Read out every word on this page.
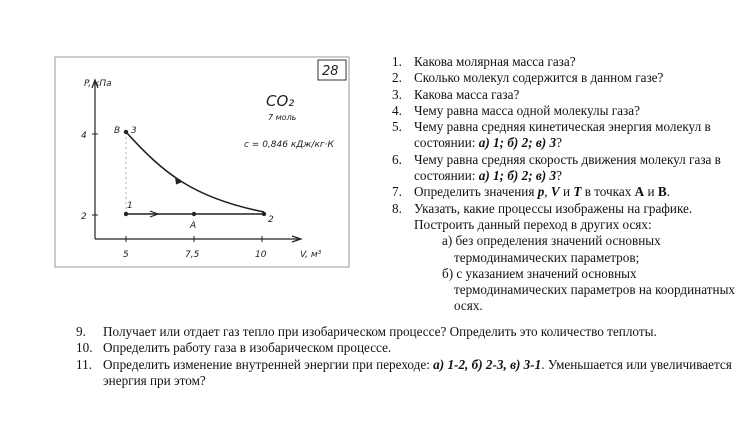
28
P, кПа
V, м³
4
2
5	7,5	10
1
2
3
В
А
CO₂
7 моль
c = 0,846 кДж/кг·К
1. Какова молярная масса газа?
2. Сколько молекул содержится в данном газе?
3. Какова масса газа?
4. Чему равна масса одной молекулы газа?
5. Чему равна средняя кинетическая энергия молекул в состоянии: а) 1; б) 2; в) 3?
6. Чему равна средняя скорость движения молекул газа в состоянии: а) 1; б) 2; в) 3?
7. Определить значения p, V и T в точках А и В.
8. Указать, какие процессы изображены на графике.
Построить данный переход в других осях:
а) без определения значений основных термодинамических параметров;
б) с указанием значений основных термодинамических параметров на координатных осях.
9. Получает или отдает газ тепло при изобарическом процессе? Определить это количество теплоты.
10. Определить работу газа в изобарическом процессе.
11. Определить изменение внутренней энергии при переходе: а) 1-2, б) 2-3, в) 3-1. Уменьшается или увеличивается энергия при этом?
